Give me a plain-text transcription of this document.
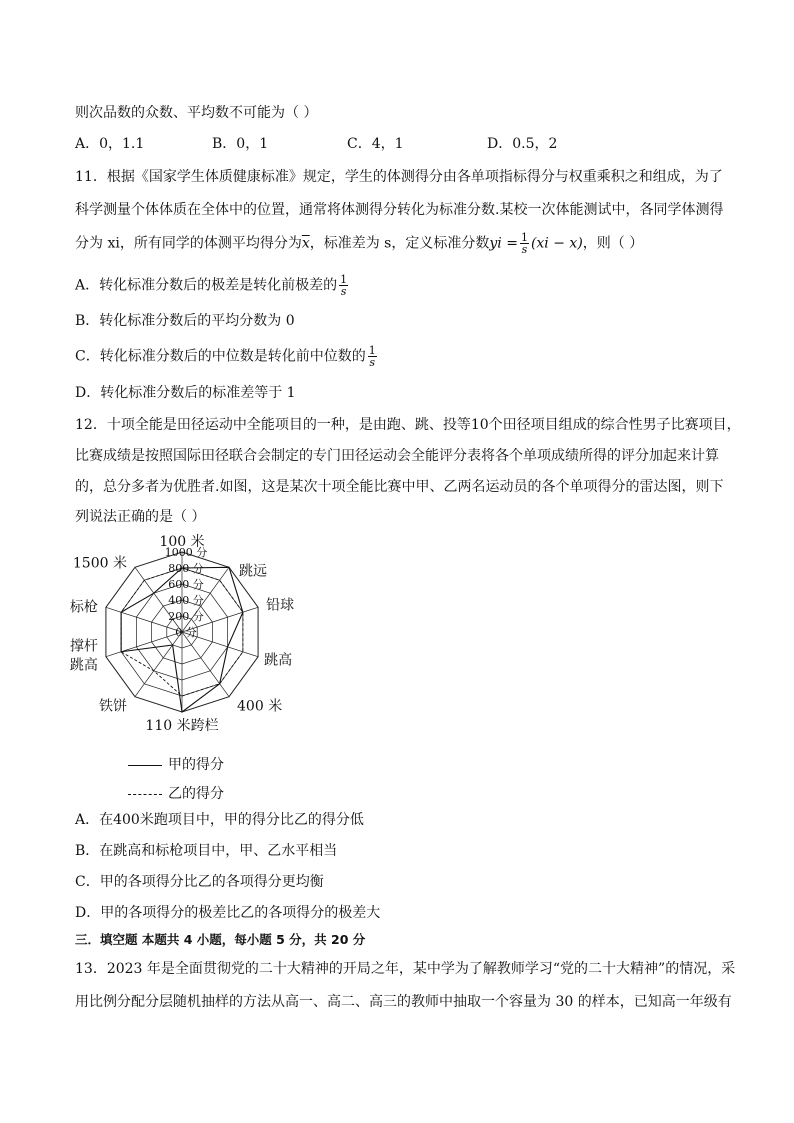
则次品数的众数、平均数不可能为（ ）
A．0，1.1	B．0，1	C．4，1	D．0.5，2
11．根据《国家学生体质健康标准》规定，学生的体测得分由各单项指标得分与权重乘积之和组成，为了
科学测量个体体质在全体中的位置，通常将体测得分转化为标准分数.某校一次体能测试中，各同学体测得
分为 xi，所有同学的体测平均得分为$\overline{x}$，标准差为 s，定义标准分数yi = $\frac{1}{s} (xi - x)$，则（ ）
A．转化标准分数后的极差是转化前极差的 $\frac{1}{s}$
B．转化标准分数后的平均分数为 0
C．转化标准分数后的中位数是转化前中位数的 $\frac{1}{s}$
D．转化标准分数后的标准差等于 1
12．十项全能是田径运动中全能项目的一种，是由跑、跳、投等10个田径项目组成的综合性男子比赛项目，
比赛成绩是按照国际田径联合会制定的专门田径运动会全能评分表将各个单项成绩所得的评分加起来计算
的，总分多者为优胜者.如图，这是某次十项全能比赛中甲、乙两名运动员的各个单项得分的雷达图，则下
列说法正确的是（ ）
0 分
200 分
400 分
600 分
800 分
1000 分
100 米
跳远
铅球
跳高
400 米
110 米跨栏
铁饼
撑杆
跳高
标枪
1500 米
甲的得分
乙的得分
A．在400米跑项目中，甲的得分比乙的得分低
B．在跳高和标枪项目中，甲、乙水平相当
C．甲的各项得分比乙的各项得分更均衡
D．甲的各项得分的极差比乙的各项得分的极差大
三．填空题 本题共 4 小题，每小题 5 分，共 20 分
13．2023 年是全面贯彻党的二十大精神的开局之年，某中学为了解教师学习“党的二十大精神”的情况，采
用比例分配分层随机抽样的方法从高一、高二、高三的教师中抽取一个容量为 30 的样本，已知高一年级有
